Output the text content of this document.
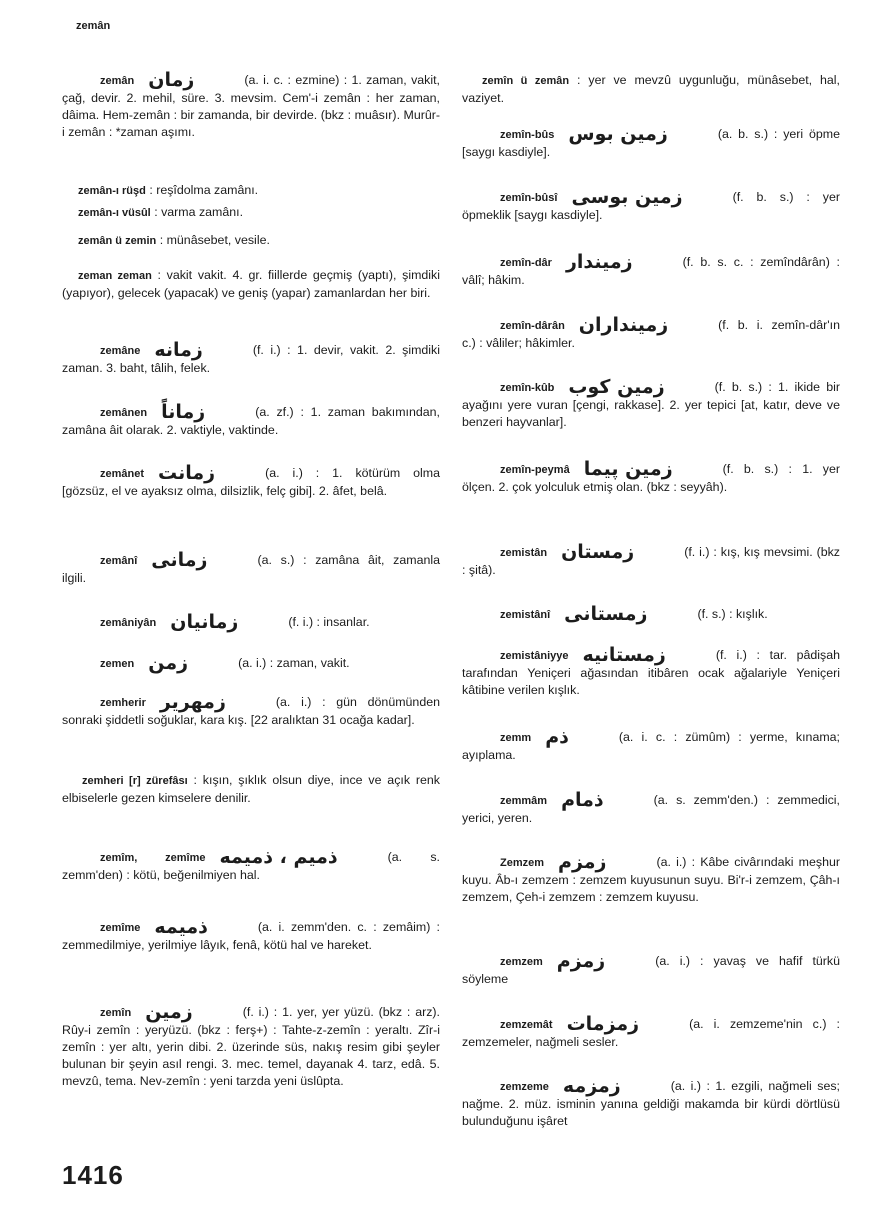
zemân
zemân زمان	(a. i. c. : ezmine) : 1. zaman, vakit, çağ, devir. 2. mehil, süre. 3. mevsim. Cem'-i zemân : her zaman, dâima. Hem-zemân : bir zamanda, bir devirde. (bkz : muâsır). Murûr-i zemân : *zaman aşımı.
zemân-ı rüşd : reşîdolma zamânı.
zemân-ı vüsûl : varma zamânı.
zemân ü zemin : münâsebet, vesile.
zeman zeman : vakit vakit. 4. gr. fiillerde geçmiş (yaptı), şimdiki (yapıyor), gelecek (yapacak) ve geniş (yapar) zamanlardan her biri.
zemâne زمانه	(f. i.) : 1. devir, vakit. 2. şimdiki zaman. 3. baht, tâlih, felek.
zemânen زماناً	(a. zf.) : 1. zaman bakımından, zamâna âit olarak. 2. vaktiyle, vaktinde.
zemânet زمانت	(a. i.) : 1. kötürüm olma [gözsüz, el ve ayaksız olma, dilsizlik, felç gibi]. 2. âfet, belâ.
zemânî زمانى	(a. s.) : zamâna âit, zamanla ilgili.
zemâniyân زمانيان	(f. i.) : insanlar.
zemen زمن	(a. i.) : zaman, vakit.
zemherir زمهرير	(a. i.) : gün dönümünden sonraki şiddetli soğuklar, kara kış. [22 aralıktan 31 ocağa kadar].
zemheri [r] zürefâsı : kışın, şıklık olsun diye, ince ve açık renk elbiselerle gezen kimselere denilir.
zemîm, zemîme ذميم ، ذميمه	(a. s. zemm'den) : kötü, beğenilmiyen hal.
zemîme ذميمه	(a. i. zemm'den. c. : zemâim) : zemmedilmiye, yerilmiye lâyık, fenâ, kötü hal ve hareket.
zemîn زمين	(f. i.) : 1. yer, yer yüzü. (bkz : arz). Rûy-i zemîn : yeryüzü. (bkz : ferş+) : Tahte-z-zemîn : yeraltı. Zîr-i zemîn : yer altı, yerin dibi. 2. üzerinde süs, nakış resim gibi şeyler bulunan bir şeyin asıl rengi. 3. mec. temel, dayanak 4. tarz, edâ. 5. mevzû, tema. Nev-zemîn : yeni tarzda yeni üslûpta.
zemîn ü zemân : yer ve mevzû uygunluğu, münâsebet, hal, vaziyet.
zemîn-bûs زمين بوس	(a. b. s.) : yeri öpme [saygı kasdiyle].
zemîn-bûsî زمين بوسى	(f. b. s.) : yer öpmeklik [saygı kasdiyle].
zemîn-dâr زميندار	(f. b. s. c. : zemîndârân) : vâlî; hâkim.
zemîn-dârân زمينداران	(f. b. i. zemîn-dâr'ın c.) : vâliler; hâkimler.
zemîn-kûb زمين كوب	(f. b. s.) : 1. ikide bir ayağını yere vuran [çengi, rakkase]. 2. yer tepici [at, katır, deve ve benzeri hayvanlar].
zemîn-peymâ زمين پيما	(f. b. s.) : 1. yer ölçen. 2. çok yolculuk etmiş olan. (bkz : seyyâh).
zemistân زمستان	(f. i.) : kış, kış mevsimi. (bkz : şitâ).
zemistânî زمستانى	(f. s.) : kışlık.
zemistâniyye زمستانيه	(f. i.) : tar. pâdişah tarafından Yeniçeri ağasından itibâren ocak ağalariyle Yeniçeri kâtibine verilen kışlık.
zemm ذم	(a. i. c. : zümûm) : yerme, kınama; ayıplama.
zemmâm ذمام	(a. s. zemm'den.) : zemmedici, yerici, yeren.
Zemzem زمزم	(a. i.) : Kâbe civârındaki meşhur kuyu. Âb-ı zemzem : zemzem kuyusunun suyu. Bi'r-i zemzem, Çâh-ı zemzem, Çeh-i zemzem : zemzem kuyusu.
zemzem زمزم	(a. i.) : yavaş ve hafif türkü söyleme
zemzemât زمزمات	(a. i. zemzeme'nin c.) : zemzemeler, nağmeli sesler.
zemzeme زمزمه	(a. i.) : 1. ezgili, nağmeli ses; nağme. 2. müz. isminin yanına geldiği makamda bir kürdi dörtlüsü bulunduğunu işâret
1416
